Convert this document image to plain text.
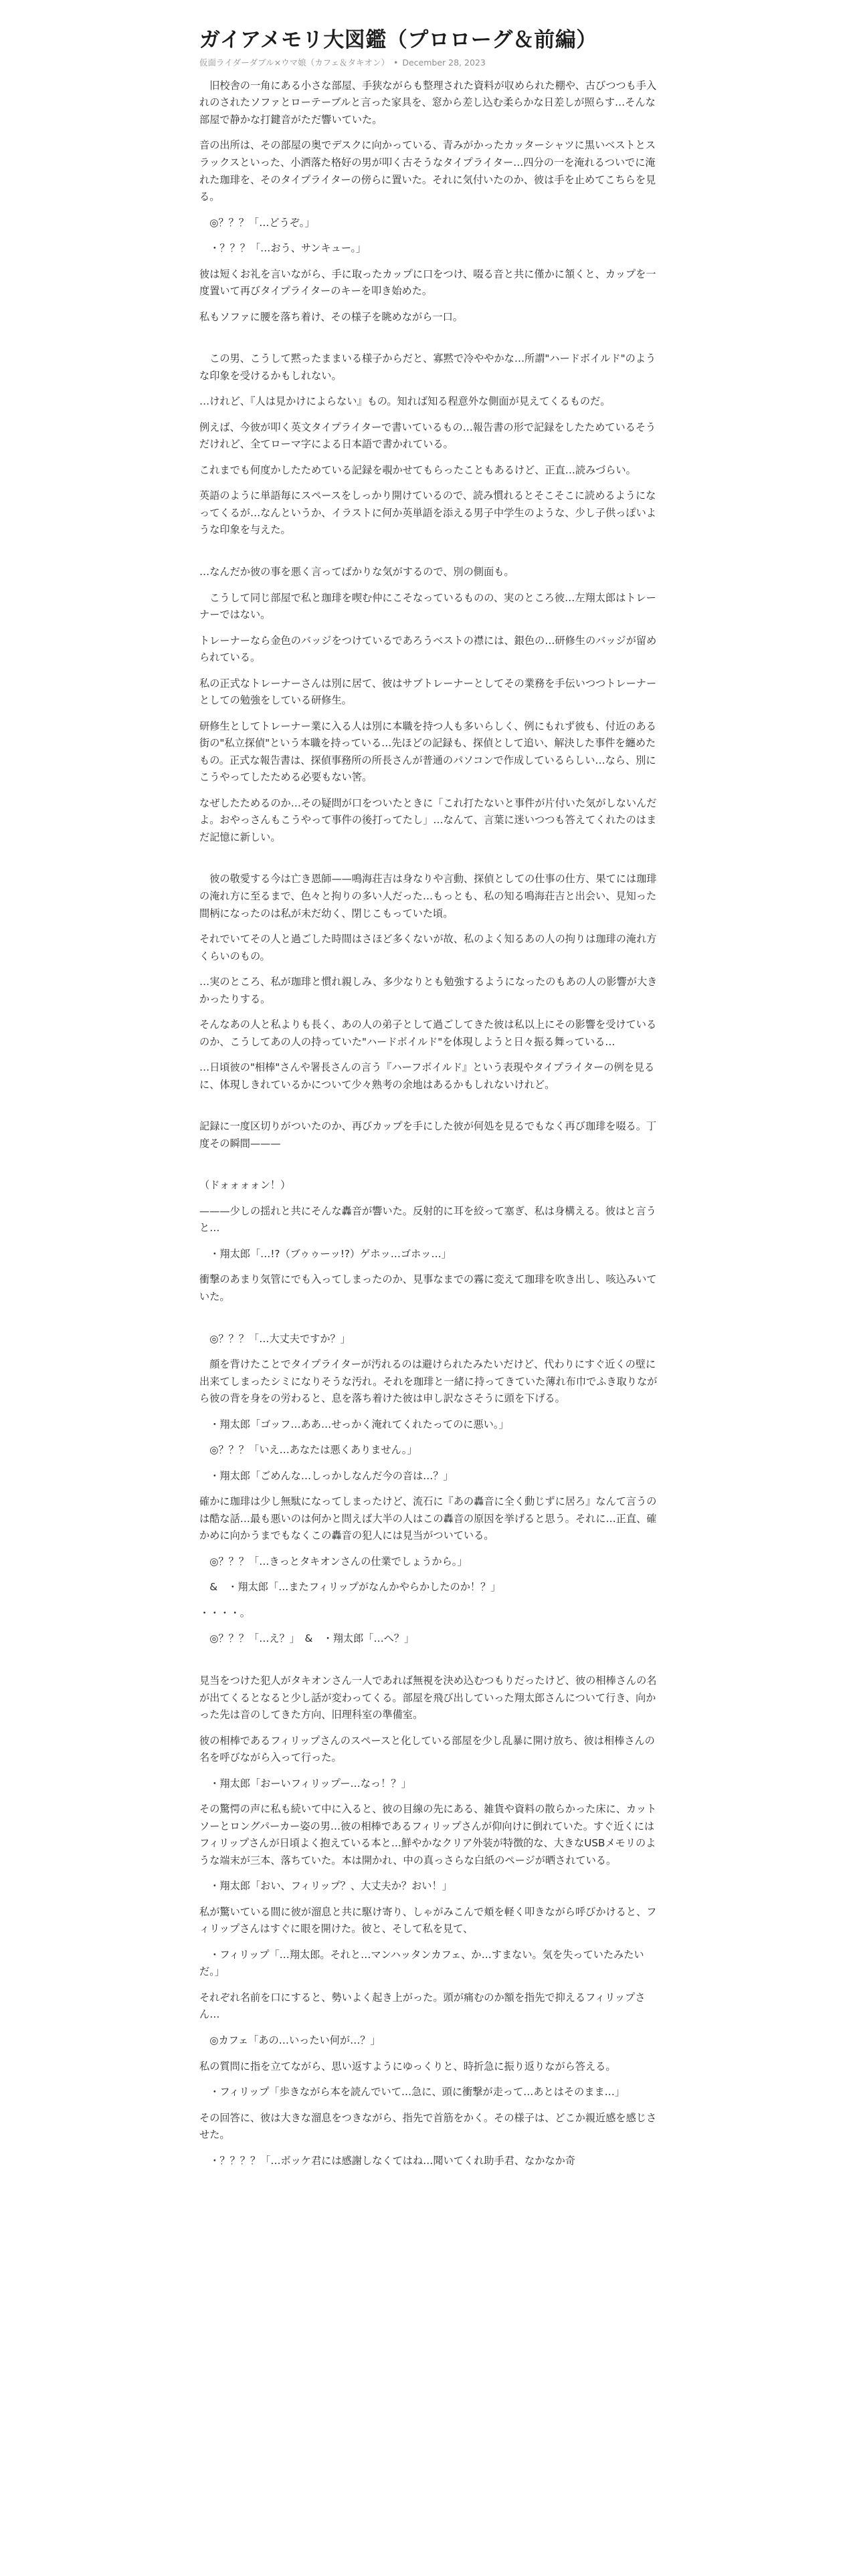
ガイアメモリ大図鑑（プロローグ＆前編）
仮面ライダーダブル×ウマ娘（カフェ＆タキオン） • December 28, 2023
　旧校舎の一角にある小さな部屋、手狭ながらも整理された資料が収められた棚や、古びつつも手入れのされたソファとローテーブルと言った家具を、窓から差し込む柔らかな日差しが照らす…そんな部屋で静かな打鍵音がただ響いていた。
音の出所は、その部屋の奥でデスクに向かっている、青みがかったカッターシャツに黒いベストとスラックスといった、小洒落た格好の男が叩く古そうなタイプライター…四分の一を淹れるついでに淹れた珈琲を、そのタイプライターの傍らに置いた。それに気付いたのか、彼は手を止めてこちらを見る。
　◎？？？「…どうぞ。」
　・？？？「…おう、サンキュー。」
彼は短くお礼を言いながら、手に取ったカップに口をつけ、啜る音と共に僅かに頷くと、カップを一度置いて再びタイプライターのキーを叩き始めた。
私もソファに腰を落ち着け、その様子を眺めながら一口。
　この男、こうして黙ったままいる様子からだと、寡黙で冷ややかな…所謂"ハードボイルド"のような印象を受けるかもしれない。
…けれど、『人は見かけによらない』もの。知れば知る程意外な側面が見えてくるものだ。
例えば、今彼が叩く英文タイプライターで書いているもの…報告書の形で記録をしたためているそうだけれど、全てローマ字による日本語で書かれている。
これまでも何度かしたためている記録を覗かせてもらったこともあるけど、正直…読みづらい。
英語のように単語毎にスペースをしっかり開けているので、読み慣れるとそこそこに読めるようになってくるが…なんというか、イラストに何か英単語を添える男子中学生のような、少し子供っぽいような印象を与えた。
…なんだか彼の事を悪く言ってばかりな気がするので、別の側面も。
　こうして同じ部屋で私と珈琲を喫む仲にこそなっているものの、実のところ彼…左翔太郎はトレーナーではない。
トレーナーなら金色のバッジをつけているであろうベストの襟には、銀色の…研修生のバッジが留められている。
私の正式なトレーナーさんは別に居て、彼はサブトレーナーとしてその業務を手伝いつつトレーナーとしての勉強をしている研修生。
研修生としてトレーナー業に入る人は別に本職を持つ人も多いらしく、例にもれず彼も、付近のある街の"私立探偵"という本職を持っている…先ほどの記録も、探偵として追い、解決した事件を纏めたもの。正式な報告書は、探偵事務所の所長さんが普通のパソコンで作成しているらしい…なら、別にこうやってしたためる必要もない筈。
なぜしたためるのか…その疑問が口をついたときに「これ打たないと事件が片付いた気がしないんだよ。おやっさんもこうやって事件の後打ってたし」…なんて、言葉に迷いつつも答えてくれたのはまだ記憶に新しい。
　彼の敬愛する今は亡き恩師——鳴海荘吉は身なりや言動、探偵としての仕事の仕方、果てには珈琲の淹れ方に至るまで、色々と拘りの多い人だった…もっとも、私の知る鳴海荘吉と出会い、見知った間柄になったのは私が未だ幼く、閉じこもっていた頃。
それでいてその人と過ごした時間はさほど多くないが故、私のよく知るあの人の拘りは珈琲の淹れ方くらいのもの。
…実のところ、私が珈琲と慣れ親しみ、多少なりとも勉強するようになったのもあの人の影響が大きかったりする。
そんなあの人と私よりも長く、あの人の弟子として過ごしてきた彼は私以上にその影響を受けているのか、こうしてあの人の持っていた"ハードボイルド"を体現しようと日々振る舞っている…
…日頃彼の"相棒"さんや署長さんの言う『ハーフボイルド』という表現やタイプライターの例を見るに、体現しきれているかについて少々熟考の余地はあるかもしれないけれど。
記録に一度区切りがついたのか、再びカップを手にした彼が何処を見るでもなく再び珈琲を啜る。丁度その瞬間———
（ドォォォォン！）
———少しの揺れと共にそんな轟音が響いた。反射的に耳を絞って塞ぎ、私は身構える。彼はと言うと…
　・翔太郎「…!?（ブゥゥーッ!?）ゲホッ…ゴホッ…」
衝撃のあまり気管にでも入ってしまったのか、見事なまでの霧に変えて珈琲を吹き出し、咳込みいていた。
　◎？？？「…大丈夫ですか？」
　顔を背けたことでタイプライターが汚れるのは避けられたみたいだけど、代わりにすぐ近くの壁に出来てしまったシミになりそうな汚れ。それを珈琲と一緒に持ってきていた薄れ布巾でふき取りながら彼の背を身をの労わると、息を落ち着けた彼は申し訳なさそうに頭を下げる。
　・翔太郎「ゴッフ…ああ…せっかく淹れてくれたってのに悪い。」
　◎？？？「いえ…あなたは悪くありません。」
　・翔太郎「ごめんな…しっかしなんだ今の音は…？」
確かに珈琲は少し無駄になってしまったけど、流石に『あの轟音に全く動じずに居ろ』なんて言うのは酷な話…最も悪いのは何かと問えば大半の人はこの轟音の原因を挙げると思う。それに…正直、確かめに向かうまでもなくこの轟音の犯人には見当がついている。
　◎？？？「…きっとタキオンさんの仕業でしょうから。」
　&　・翔太郎「…またフィリップがなんかやらかしたのか！？」
・・・・。
　◎？？？「…え？」　&　・翔太郎「…へ？」
見当をつけた犯人がタキオンさん一人であれば無視を決め込むつもりだったけど、彼の相棒さんの名が出てくるとなると少し話が変わってくる。部屋を飛び出していった翔太郎さんについて行き、向かった先は音のしてきた方向、旧理科室の準備室。
彼の相棒であるフィリップさんのスペースと化している部屋を少し乱暴に開け放ち、彼は相棒さんの名を呼びながら入って行った。
　・翔太郎「おーいフィリップー…なっ！？」
その驚愕の声に私も続いて中に入ると、彼の目線の先にある、雑貨や資料の散らかった床に、カットソーとロングパーカー姿の男…彼の相棒であるフィリップさんが仰向けに倒れていた。すぐ近くにはフィリップさんが日頃よく抱えている本と…鮮やかなクリア外装が特徴的な、大きなUSBメモリのような端末が三本、落ちていた。本は開かれ、中の真っさらな白紙のページが晒されている。
　・翔太郎「おい、フィリップ？、大丈夫か？おい！」
私が驚いている間に彼が溜息と共に駆け寄り、しゃがみこんで頬を軽く叩きながら呼びかけると、フィリップさんはすぐに眼を開けた。彼と、そして私を見て、
　・フィリップ「…翔太郎。それと…マンハッタンカフェ、か…すまない。気を失っていたみたいだ。」
それぞれ名前を口にすると、勢いよく起き上がった。頭が痛むのか額を指先で抑えるフィリップさん…
　◎カフェ「あの…いったい何が…？」
私の質問に指を立てながら、思い返すようにゆっくりと、時折急に振り返りながら答える。
　・フィリップ「歩きながら本を読んでいて…急に、頭に衝撃が走って…あとはそのまま…」
その回答に、彼は大きな溜息をつきながら、指先で首筋をかく。その様子は、どこか親近感を感じさせた。
　・？？？？「…ボッケ君には感謝しなくてはね…聞いてくれ助手君、なかなか奇
